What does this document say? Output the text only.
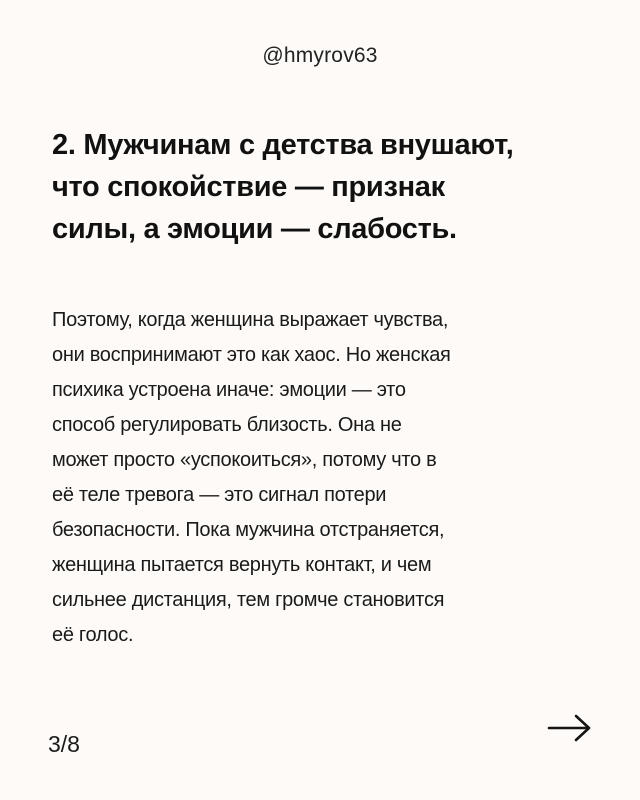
@hmyrov63
2. Мужчинам с детства внушают,
что спокойствие — признак
силы, а эмоции — слабость.

Поэтому, когда женщина выражает чувства,
они воспринимают это как хаос. Но женская
психика устроена иначе: эмоции — это
способ регулировать близость. Она не
может просто «успокоиться», потому что в
её теле тревога — это сигнал потери
безопасности. Пока мужчина отстраняется,
женщина пытается вернуть контакт, и чем
сильнее дистанция, тем громче становится
её голос.

3/8
